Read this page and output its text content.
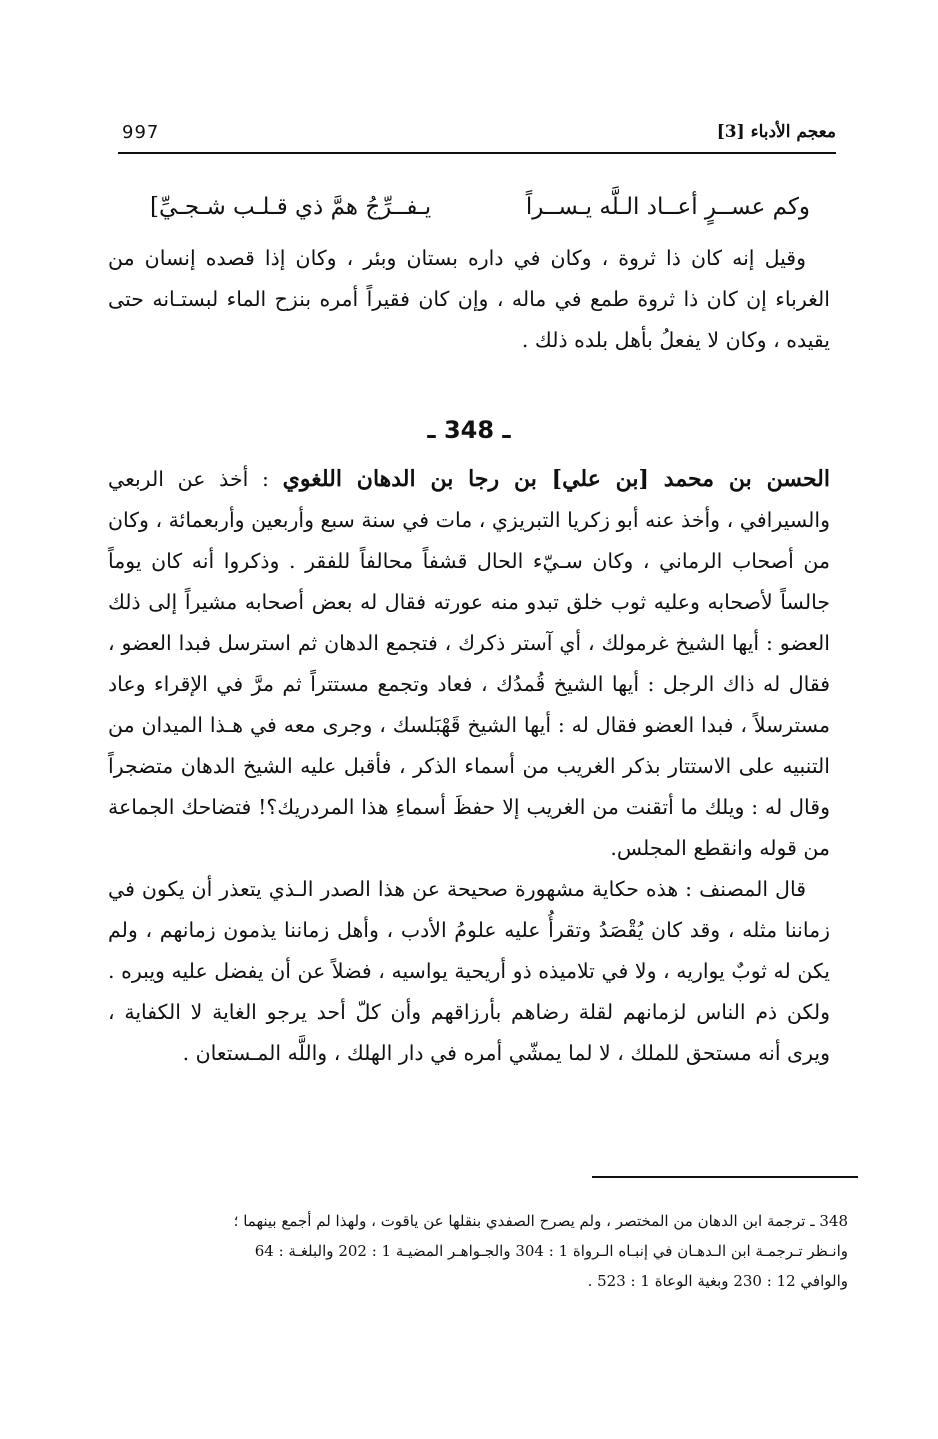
معجم الأدباء [3]
997
وكم عســرٍ أعــاد الـلَّه يـســراً
يـفــرِّجُ همَّ ذي قـلـب شـجـيِّ]

وقيل إنه كان ذا ثروة ، وكان في داره بستان وبئر ، وكان إذا قصده إنسان من الغرباء إن كان ذا ثروة طمع في ماله ، وإن كان فقيراً أمره بنزح الماء لبستـانه حتى يقيده ، وكان لا يفعلُ بأهل بلده ذلك .

ـ 348 ـ

الحسن بن محمد [بن علي] بن رجا بن الدهان اللغوي : أخذ عن الربعي والسيرافي ، وأخذ عنه أبو زكريا التبريزي ، مات في سنة سبع وأربعين وأربعمائة ، وكان من أصحاب الرماني ، وكان سـيّء الحال قشفاً محالفاً للفقر . وذكروا أنه كان يوماً جالساً لأصحابه وعليه ثوب خلق تبدو منه عورته فقال له بعض أصحابه مشيراً إلى ذلك العضو : أيها الشيخ غرمولك ، أي آستر ذكرك ، فتجمع الدهان ثم استرسل فبدا العضو ، فقال له ذاك الرجل : أيها الشيخ قُمدُك ، فعاد وتجمع مستتراً ثم مرَّ في الإقراء وعاد مسترسلاً ، فبدا العضو فقال له : أيها الشيخ قَهْبَلسك ، وجرى معه في هـذا الميدان من التنبيه على الاستتار بذكر الغريب من أسماء الذكر ، فأقبل عليه الشيخ الدهان متضجراً وقال له : ويلك ما أتقنت من الغريب إلا حفظَ أسماءِ هذا المردريك؟! فتضاحك الجماعة من قوله وانقطع المجلس.

قال المصنف : هذه حكاية مشهورة صحيحة عن هذا الصدر الـذي يتعذر أن يكون في زماننا مثله ، وقد كان يُقْصَدُ وتقرأُ عليه علومُ الأدب ، وأهل زماننا يذمون زمانهم ، ولم يكن له ثوبٌ يواريه ، ولا في تلاميذه ذو أريحية يواسيه ، فضلاً عن أن يفضل عليه ويبره . ولكن ذم الناس لزمانهم لقلة رضاهم بأرزاقهم وأن كلّ أحد يرجو الغاية لا الكفاية ، ويرى أنه مستحق للملك ، لا لما يمشّي أمره في دار الهلك ، واللَّه المـستعان .

348 ـ ترجمة ابن الدهان من المختصر ، ولم يصرح الصفدي بنقلها عن ياقوت ، ولهذا لم أجمع بينهما ؛
وانـظر تـرجمـة ابن الـدهـان في إنبـاه الـرواة 1 : 304 والجـواهـر المضيـة 1 : 202 والبلغـة : 64
والوافي 12 : 230 وبغية الوعاة 1 : 523 .
